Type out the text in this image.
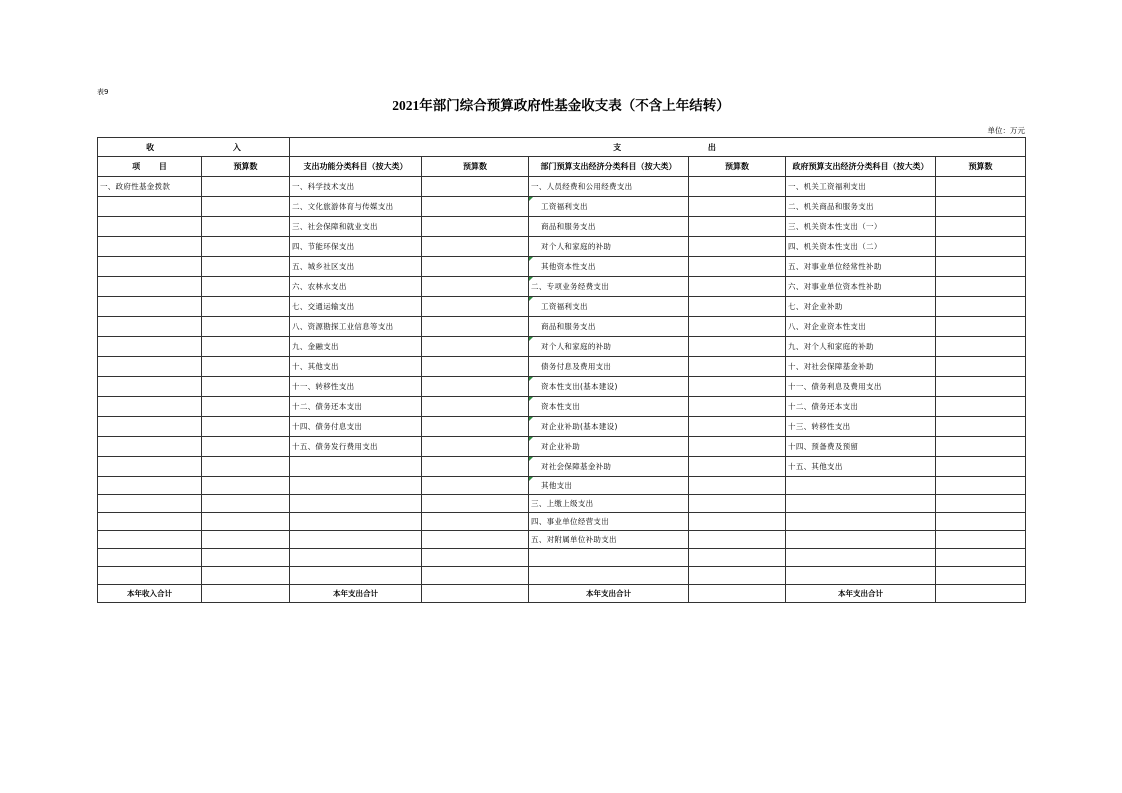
表9
2021年部门综合预算政府性基金收支表（不含上年结转）
单位：万元
收 入		支 出					
项 目	预算数	支出功能分类科目（按大类）	预算数	部门预算支出经济分类科目（按大类）	预算数	政府预算支出经济分类科目（按大类）	预算数
一、政府性基金拨款		一、科学技术支出		一、人员经费和公用经费支出		一、机关工资福利支出	
		二、文化旅游体育与传媒支出		工资福利支出		二、机关商品和服务支出	
		三、社会保障和就业支出		商品和服务支出		三、机关资本性支出（一）	
		四、节能环保支出		对个人和家庭的补助		四、机关资本性支出（二）	
		五、城乡社区支出		其他资本性支出		五、对事业单位经常性补助	
		六、农林水支出		二、专项业务经费支出		六、对事业单位资本性补助	
		七、交通运输支出		工资福利支出		七、对企业补助	
		八、资源勘探工业信息等支出		商品和服务支出		八、对企业资本性支出	
		九、金融支出		对个人和家庭的补助		九、对个人和家庭的补助	
		十、其他支出		债务付息及费用支出		十、对社会保障基金补助	
		十一、转移性支出		资本性支出(基本建设)		十一、债务利息及费用支出	
		十二、债务还本支出		资本性支出		十二、债务还本支出	
		十四、债务付息支出		对企业补助(基本建设)		十三、转移性支出	
		十五、债务发行费用支出		对企业补助		十四、预备费及预留	
				对社会保障基金补助		十五、其他支出	
				其他支出			
				三、上缴上级支出			
				四、事业单位经营支出			
				五、对附属单位补助支出			

本年收入合计		本年支出合计		本年支出合计		本年支出合计	
